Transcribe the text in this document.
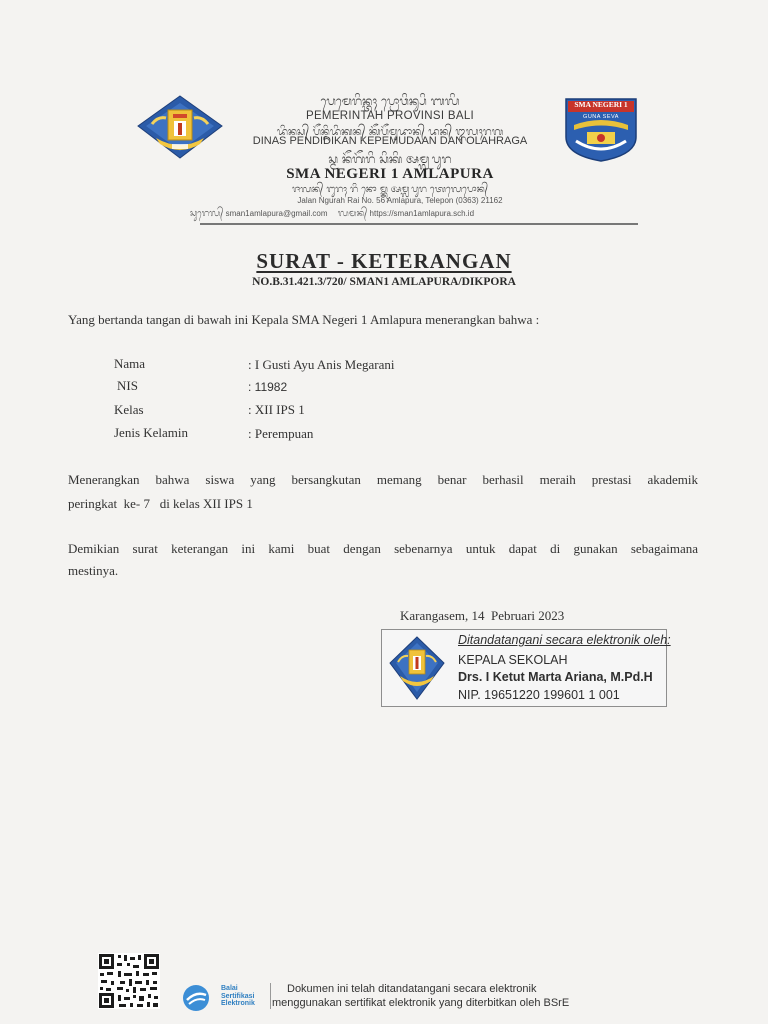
ᬧᬾᬫᬾᬭᬶᬦ᭄ᬢᬄ ᬧ᭄ᬭᭀᬯᬶᬦ᭄ᬲᬶ ᬩᬮᬶ
PEMERINTAH PROVINSI BALI
ᬤᬶᬦᬲ᭄ ᬧᭂᬦ᭄ᬤᬶᬤᬶᬓᬦ᭄ ᬓᭂᬧᭂᬫᬸᬤᬵᬦ᭄ ᬤᬦ᭄ ᬑᬮᬄᬭᬕ
DINAS PENDIDIKAN KEPEMUDAAN DAN OLAHRAGA
ᬲ᭄ᬫ ᬦᭂᬕᭂᬭᬶ ᬲᬶᬓᬶ ᬅᬫ᭄ᬮᬧᬸᬭ
SMA NEGERI 1 AMLAPURA
ᬚᬮᬦ᭄ ᬗᬸᬭᬄ ᬭᬶ ᬦᭀ ᬫ᭄ᬓᬹ ᬅᬫ᭄ᬮᬧᬸᬭ ᬢᬾᬮᬾᬧᭀᬦ᭄
Jalan Ngurah Rai No. 56 Amlapura, Telepon (0363) 21162
ᬲᬸᬭᬾᬮ᭄ sman1amlapura@gmail.com ᬮᬫᬦ᭄ https://sman1amlapura.sch.id
SMA NEGERI 1
GUNA SEVA
SURAT - KETERANGAN
NO.B.31.421.3/720/ SMAN1 AMLAPURA/DIKPORA
Yang bertanda tangan di bawah ini Kepala SMA Negeri 1 Amlapura menerangkan bahwa :
Nama	: I Gusti Ayu Anis Megarani
NIS	: 11982
Kelas	: XII IPS 1
Jenis Kelamin	: Perempuan
Menerangkan bahwa siswa yang bersangkutan memang benar berhasil meraih prestasi akademik
peringkat  ke- 7   di kelas XII IPS 1
Demikian surat keterangan ini kami buat dengan sebenarnya untuk dapat di gunakan sebagaimana
mestinya.
Karangasem, 14  Pebruari 2023
Ditandatangani secara elektronik oleh:
KEPALA SEKOLAH
Drs. I Ketut Marta Ariana, M.Pd.H
NIP. 19651220 199601 1 001
Balai
Sertifikasi
Elektronik
Dokumen ini telah ditandatangani secara elektronik
menggunakan sertifikat elektronik yang diterbitkan oleh BSrE
